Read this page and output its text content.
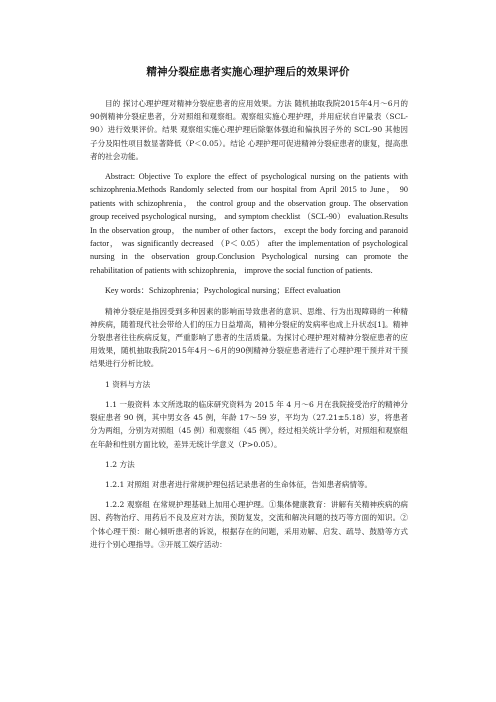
精神分裂症患者实施心理护理后的效果评价

目的 探讨心理护理对精神分裂症患者的应用效果。方法 随机抽取我院2015年4月～6月的90例精神分裂症患者，分对照组和观察组。观察组实施心理护理，并用症状自评量表（SCL-90）进行效果评价。结果 观察组实施心理护理后除躯体强迫和偏执因子外的 SCL-90 其他因子分及阳性项目数显著降低（P＜0.05）。结论 心理护理可促进精神分裂症患者的康复，提高患者的社会功能。

Abstract: Objective To explore the effect of psychological nursing on the patients with schizophrenia.Methods Randomly selected from our hospital from April 2015 to June， 90 patients with schizophrenia， the control group and the observation group. The observation group received psychological nursing， and symptom checklist （SCL-90） evaluation.Results In the observation group， the number of other factors， except the body forcing and paranoid factor， was significantly decreased （P＜ 0.05） after the implementation of psychological nursing in the observation group.Conclusion Psychological nursing can promote the rehabilitation of patients with schizophrenia， improve the social function of patients.

Key words：Schizophrenia；Psychological nursing；Effect evaluation

精神分裂症是指因受到多种因素的影响而导致患者的意识、思维、行为出现障碍的一种精神疾病，随着现代社会带给人们的压力日益增高，精神分裂症的发病率也成上升状态[1]。精神分裂患者往往疾病反复，严重影响了患者的生活质量。为探讨心理护理对精神分裂症患者的应用效果，随机抽取我院2015年4月～6月的90例精神分裂症患者进行了心理护理干预并对干预结果进行分析比较。

1 资料与方法

1.1 一般资料 本文所选取的临床研究资料为 2015 年 4 月～6 月在我院接受治疗的精神分裂症患者 90 例，其中男女各 45 例，年龄 17～59 岁，平均为（27.21±5.18）岁，将患者分为两组，分别为对照组（45 例）和观察组（45 例），经过相关统计学分析，对照组和观察组在年龄和性别方面比较，差异无统计学意义（P>0.05）。

1.2 方法

1.2.1 对照组 对患者进行常规护理包括记录患者的生命体征，告知患者病情等。

1.2.2 观察组 在常规护理基础上加用心理护理。①集体健康教育：讲解有关精神疾病的病因、药物治疗、用药后不良及应对方法，预防复发，交流和解决问题的技巧等方面的知识。②个体心理干预：耐心倾听患者的诉说，根据存在的问题，采用劝解、启发、疏导、鼓励等方式进行个别心理指导。③开展工娱疗活动：
